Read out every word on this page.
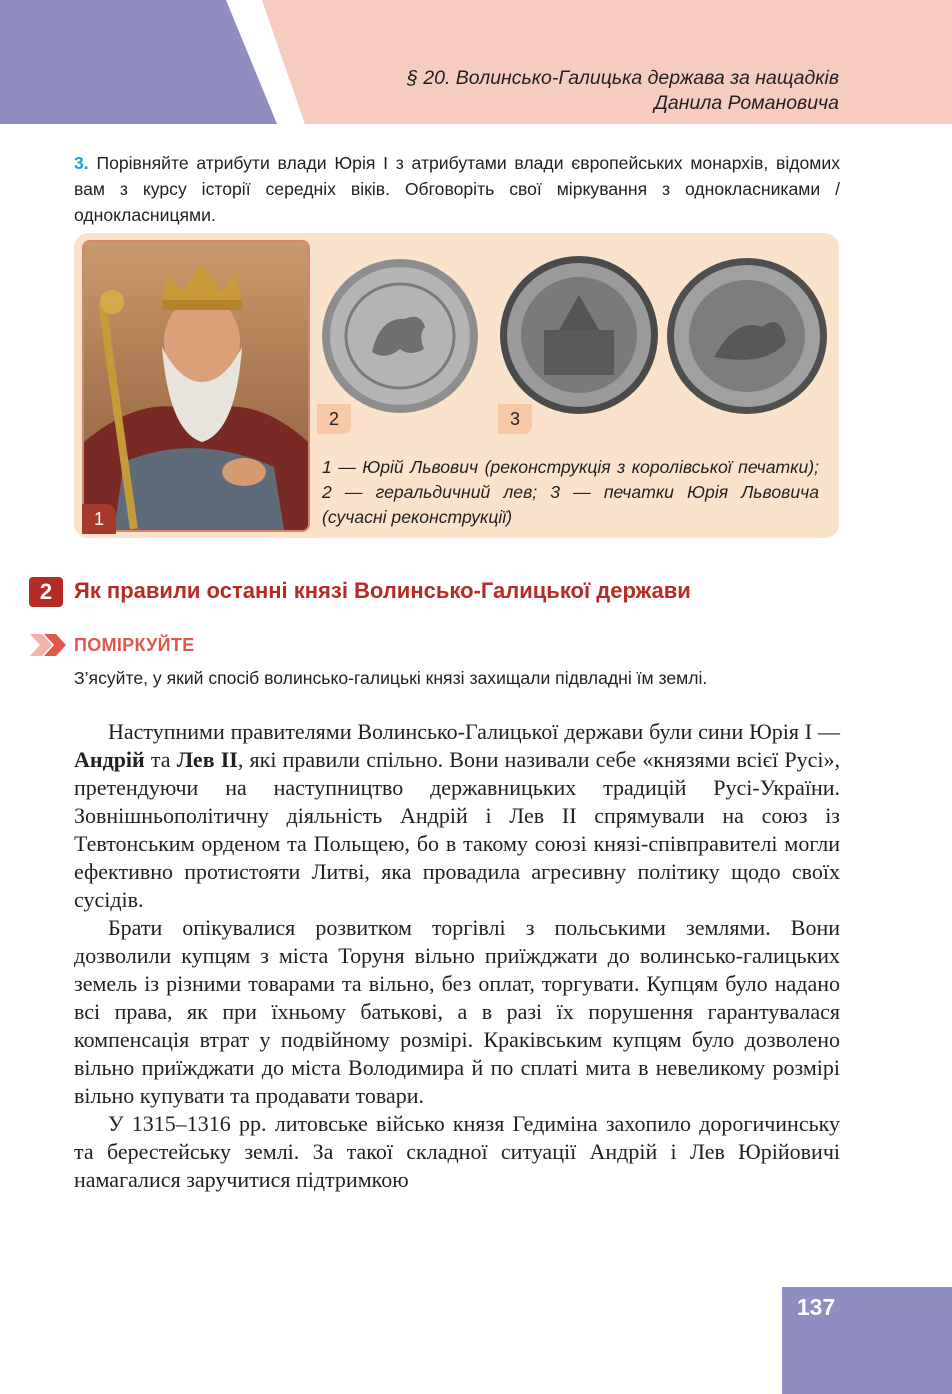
§ 20. Волинсько-Галицька держава за нащадків
Данила Романовича
3. Порівняйте атрибути влади Юрія I з атрибутами влади європейських монархів, відомих вам з курсу історії середніх віків. Обговоріть свої міркування з однокласниками / однокласницями.
1
2	3
1 — Юрій Львович (реконструкція з королівської печатки); 2 — геральдичний лев; 3 — печатки Юрія Львовича (сучасні реконструкції)
2 Як правили останні князі Волинсько-Галицької держави
ПОМІРКУЙТЕ
З’ясуйте, у який спосіб волинсько-галицькі князі захищали підвладні їм землі.

Наступними правителями Волинсько-Галицької держави були сини Юрія I — Андрій та Лев II, які правили спільно. Вони називали себе «князями всієї Русі», претендуючи на наступництво державницьких традицій Русі-України. Зовнішньополітичну діяльність Андрій і Лев II спрямували на союз із Тевтонським орденом та Польщею, бо в такому союзі князі-співправителі могли ефективно протистояти Литві, яка провадила агресивну політику щодо своїх сусідів.

Брати опікувалися розвитком торгівлі з польськими землями. Вони дозволили купцям з міста Торуня вільно приїжджати до волинсько-галицьких земель із різними товарами та вільно, без оплат, торгувати. Купцям було надано всі права, як при їхньому батькові, а в разі їх порушення гарантувалася компенсація втрат у подвійному розмірі. Краківським купцям було дозволено вільно приїжджати до міста Володимира й по сплаті мита в невеликому розмірі вільно купувати та продавати товари.

У 1315–1316 рр. литовське військо князя Гедиміна захопило дорогичинську та берестейську землі. За такої складної ситуації Андрій і Лев Юрійовичі намагалися заручитися підтримкою

137
